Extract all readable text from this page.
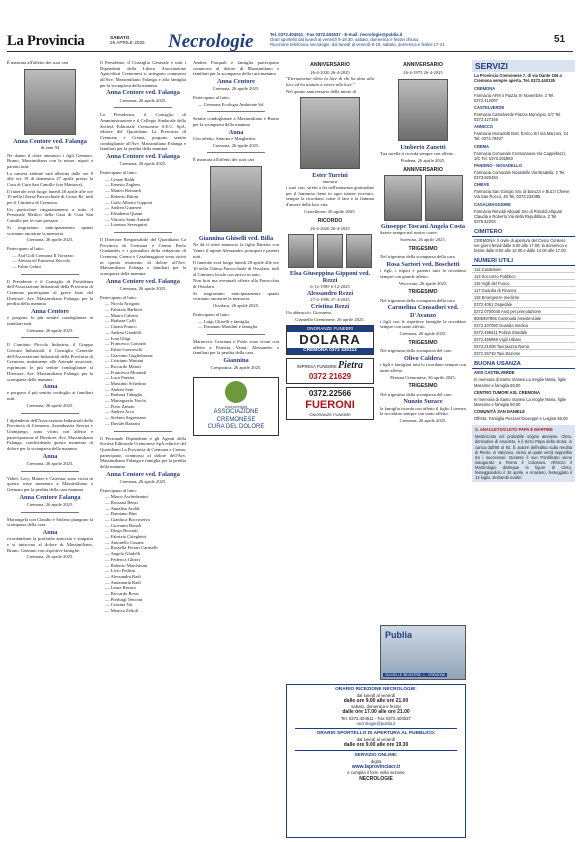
La Provincia	SABATO
26 APRILE 2025 Necrologie	Tel. 0372.404511 · Fax 0372.404537 · E-mail: necrologie@publia.it
Orari sportello dal lunedì al venerdì 9-19.30, sabato, domenica e festivi chiuso.
Ricezione telefonica necrologie: dal lunedì al venerdì 9-18, sabato, domenica e festivi 17-21	51

È mancata all'affetto dei suoi cari

Anna Centore ved. Falanga
di anni 94

Ne danno il triste annuncio i figli Gennaro, Bruno, Massimiliano con le nuore, nipoti e parenti tutti.

La camera ardente sarà allestita dalle ore 9 alle ore 18 di domenica 27 aprile presso la Casa di Cura San Camillo (via Mantova).

Il funerale avrà luogo lunedì 28 aprile alle ore 10 nella Chiesa Parrocchiale di Cristo Re, indi per il Cimitero di Cremona.

Un particolare ringraziamento a tutto il Personale Medico della Casa di Cura San Camillo per le cure prestate.

Si ringraziano anticipatamente quanti vorranno onorarne la memoria.

Cremona, 26 aprile 2025.

Partecipano al lutto:

— Asd Golf Cremona Il Torrazzo
— Alessia ed Ermiresa Zuccolo
— Fabio Gelmi

Il Presidente e il Consiglio di Presidenza dell'Associazione Industriali della Provincia di Cremona partecipano al grave lutto del Direttore, Avv. Massimiliano Falanga, per la perdita della mamma

Anna Centore

e porgono le più sentite condoglianze ai familiari tutti.

Cremona, 26 aprile 2025.

Il Comitato Piccola Industria, il Gruppo Giovani Industriali, il Consiglio Generale dell'Associazione Industriali della Provincia di Cremona, unitamente alle Aziende associate, esprimono le più sentite condoglianze al Direttore, Avv. Massimiliano Falanga, per la scomparsa della mamma

Anna

e porgono il più sentito cordoglio ai familiari tutti.

Cremona, 26 aprile 2025.

I dipendenti dell'Associazione Industriali della Provincia di Cremona, Assindustria Servizi e Unimpiego, sono vicini con affetto e partecipazione al Direttore, Avv. Massimiliano Falanga, condividendo questo momento di dolore per la scomparsa della mamma

Anna
Cremona, 26 aprile 2025.

Valter, Lory, Matteo e Caterina, sono vicini in questo triste momento a Massimiliano e Gennaro per la perdita della cara mamma

Anna Centore Falanga
Cremona, 26 aprile 2025.

Mariangela con Claudio e Stefano piangono la scomparsa della cara

Anna

ricordandone la profonda amicizia e simpatia e si uniscono al dolore di Massimiliano, Bruno, Gennaro con rispettive famiglie.

Cremona, 26 aprile 2025.

Il Presidente, il Consiglio Generale e tutti i Dipendenti della Libera Associazione Agricoltori Cremonesi si stringono commossi all'Avv. Massimiliano Falanga e alla famiglia per la scomparsa della mamma

Anna Centore ved. Falanga
Cremona, 26 aprile 2025.

La Presidenza, il Consiglio di Amministrazione e il Collegio Sindacale della Società Editoriale Cremonese S.E.C. SpA, editore del Quotidiano La Provincia di Cremona e Crema, porgono sentite condoglianze all'Avv. Massimiliano Falanga e familiari per la perdita della mamma

Anna Centore ved. Falanga
Cremona, 26 aprile 2025.

Partecipano al lutto:

— Cesare Baldi
— Ernesto Zaghen
— Matteo Bernardi
— Roberto Biloni
— Carlo Alberto Gipponi
— Andrea Guarneri
— Elisabetta Quaini
— Vittorio Santi Amadè
— Lorenzo Severgnini

Il Direttore Responsabile del Quotidiano La Provincia di Cremona e Crema Paolo Gualandris e i giornalisti della redazione di Cremona, Crema e Casalmaggiore sono vicini in questo momento di dolore all'Avv. Massimiliano Falanga e familiari per la scomparsa della mamma

Anna Centore ved. Falanga
Cremona, 26 aprile 2025.

Partecipano al lutto:

— Nicola Arrigoni
— Fabrizio Barbieri
— Mauro Cabrini
— Barbara Caffi
— Cinzia Franco
— Andrea Gandolfi
— Ivan Ghigi
— Francesco Gottardi
— Fabio Guerreschi
— Giacomo Guglielmone
— Cristiano Mariani
— Riccardo Maruti
— Francesca Morandi
— Luca Puerari
— Massimo Schettino
— Andrea Setti
— Barbara Tabaglio
— Mariagrazia Teschi
— Piero Zanoni
— Andrea Arco
— Stefano Sagrestano
— Davide Bazzani

Il Personale Dipendente e gli Agenti della Società Editoriale Cremonese SpA editrice del Quotidiano La Provincia di Cremona e Crema, partecipano commossi al dolore dell'Avv. Massimiliano Falanga e famiglia per la perdita della mamma

Anna Centore ved. Falanga
Cremona, 26 aprile 2025.

Partecipano al lutto:

— Marco Aschedamini
— Rossana Benzi
— Annalisa Aroldi
— Damiano Bini
— Gianluca Boccoseiva
— Giovanni Bonali
— Diego Borsatti
— Fabrizio Caleghetti
— Antonello Cusana
— Rossella Ferrari Caruselli
— Angelo Ghidelli
— Federica Ghizzi
— Roberto Marchesini
— Livio Pedrini
— Alessandra Radi
— Annamaria Radi
— Laura Ravara
— Riccardo Rossi
— Pierluigi Tenconi
— Cristina Vai
— Monica Zelioli

Andrea Pasquali e famiglia partecipano commossi al dolore di Massimiliano e familiari per la scomparsa della cara mamma

Anna Centore
Cremona, 26 aprile 2025.

Partecipano al lutto:

— Cremona Ecologia Ambiente Srl

Sentite condoglianze a Massimiliano e Bruno per la scomparsa della mamma

Anna

Con affetto, Simona e Margherita.

Cremona, 26 aprile 2025.

È mancata all'affetto dei suoi cari

Giannina Ghiselli ved. Billa

Ne dà il triste annuncio la figlia Patrizia con Vanni, il nipote Alessandro, pronipoti e parenti tutti.

Il funerale avrà luogo lunedì 28 aprile alle ore 10 nella Chiesa Parrocchiale di Ossolaro, indi al Cimitero locale con arrivo in auto.

Non fiori ma eventuali offerte alla Parrocchia di Ossolaro.

Si ringraziano anticipatamente quanti vorranno onorarne la memoria.

Ossolaro, 26 aprile 2025.

Partecipano al lutto:

— Luigi Ghiselli e famiglia
— Ermanno Mondini e famiglia

Mariuccia, Graziana e Paolo sono vicini con affetto a Patrizia, Vanni, Alessandro e familiari per la perdita della cara

Giannina
Crespiatica, 26 aprile 2025.
www.acced.org
ASSOCIAZIONE
CREMONESE
CURA DEL DOLORE
ANNIVERSARIO
26-4-2020 26-4-2025

"Eternamente vibra la luce di chi ha dato alla luce ed ha aiutato a vivere alla luce."

Nel quinto anniversario della morte di

Ester Turrini
maestra

i suoi cari, stretti a lei nell'immensa gratitudine per il luminoso bene in ogni istante ricevuto, sempre la ricordano come il faro e la fiamma d'amore della loro vita.

Castelleone, 26 aprile 2025.
RICORDO
26-4-2020 26-4-2025
Elsa Giuseppina Gipponi ved. Rezzi
6-12-1985 6-12-2025
Alessandro Rezzi
27-4-1996 27-4-2025
Cristina Rezzi

Un abbraccio. Giovanna.

Grumello Cremonese, 26 aprile 2025.
ONORANZE FUNEBRI
DOLARA
CREMONA 0372 430112
IMPRESA FUNEBRE Pietra
0372 21629
0372.22566
FUERONI
ONORANZE FUNEBRI
ANNIVERSARIO
26-4-1975 26-4-2025
Umberto Zanetti

Tua sorella ti ricorda sempre con affetto.

Piadena, 26 aprile 2025.
ANNIVERSARIO
Giuseppe Toscani Angela Costa

Sarete sempre nel nostro cuore.

Soresina, 26 aprile 2025.
TRIGESIMO

Nel trigesimo della scomparsa della cara

Rosa Sartori ved. Boschetti

i figli, i nipoti e parenti tutti la ricordano sempre con grande affetto.

Vescovato, 26 aprile 2025.
TRIGESIMO

Nel trigesimo della scomparsa della cara

Carmelina Consadori ved. D'Avanzo

i figli con le rispettive famiglie la ricordano sempre con tanto affetto.

Cremona, 26 aprile 2025.
TRIGESIMO

Nel trigesimo della scomparsa del caro

Olivo Caldera

i figli e famiglari tutti lo ricordano sempre con tanto affetto.

Pessina Cremonese, 26 aprile 2025.
TRIGESIMO

Nel trigesimo della scomparsa del caro

Nunzio Surace

la famiglia ricorda con affetto il figlio Lorenzo le ricordano sempre con tanto affetto.

Cremona, 26 aprile 2025.
ORARIO RICEZIONE NECROLOGIE:
dal lunedì al venerdì
dalle ore 9.00 alle ore 21.00
sabato, domenica e festivi
dalle ore 17.00 alle ore 21.00
Tel. 0372.404511 - Fax 0372.404537
necrologie@publia.it
ORARIO SPORTELLO DI APERTURA AL PUBBLICO:
dal lunedì al venerdì
dalle ore 9.00 alle ore 19.30
SERVIZIO ONLINE:
digita
www.laprovinciacr.it
e compila il form nella sezione
NECROLOGIE
Publia
VIA DELLE INDUSTRIE, 1 - CREMONA
SERVIZI
La Provincia Cremonese 7, di via Dante 106 a Cremona sempre aperta. Tel. 0372.440135
CREMONA
Farmacia AFM 4 Piazza IV Novembre, 2 Tel. 0372.412007
CASTELVERDE
Farmacia Castelverde Piazza Municipio, 5/7 Tel. 0372.427346
ANNICCO
Farmacia Mocadotti Dott. Enrico Srl Via Marconi, 24 Tel. 0374.79407
CREMA
Farmacia Comunale Cremonaova Via Cappellazzi, 1/C Tel. 0373.202860
PANDINO - NOSADELLO
Farmacia Comunale Nosadello Via Bradella, 2 Tel. 0373.920484
CHIEVE
Farmacia San Giorgio Snc di Baruzzi e Buzzi Chieve Via San Rocco, 48 Tel. 0373.234395
CASALMAGGIORE
Farmacia Rimoldi Allquati Snc di Rimoldi Allquati Claudia e Roberto Via della Repubblica, 2 Tel. 0375.42203
CIMITERO
CREMONA: Il civile di apertura del Civico Cimitero: nei giorni feriali dalle 8.00 alle 17.00; la domenica e festivi dalle 8.00 alle 12.00 e dalle 14.00 alle 17.00.
NUMERI UTILI
112 Carabinieri
113 Soccorso Pubblico
115 Vigili del Fuoco
117 Guardia di Finanza
118 Emergenze mediche
0372.4051 Ospedale
0372.0700040 Asst per prenotazione
8005497866 Continuità Assistenziale
0372.407050 Guardia medica
0372.495611 Polizia Stradale
0372.456969 Vigili Urbani
0372.21000 Taxi piazza Roma
0372.26740 Taxi stazione
BUONA USANZA
AVIS CASTELVERDE
In memoria di Santo Vianesi La moglie Maria, figlie Massimo e famiglia 50,00
CENTRO TUMORI ASL CREMONA
In memoria di Santo Vianesi La moglie Maria, figlie Massimo e famiglia 50,00
COMUNITÀ SAN DANIELE
Offerta: Famiglia Pezzani Giuseppe e Luigina 50,00
S. ANACLETO/CLETO PAPA E MARTIRE
Martirizzato nel probabile origine ateniese. Cleto, diminutivo di Anacleto, è il terzo Papa della storia, in carica dall'80 al 92. È autore dell'editto sulla rendita di Pietro, in Vaticano, vicino al quale verrà seppellito tra i successori. Durante il suo Pontificato viene inaugurato a Roma il Colosseo. All'inizio il Martirologio distingue le figure di Cleto, festeggiandolo il 26 aprile, e Anacleto, festeggiato il 13 luglio. Entrambi martiri.
